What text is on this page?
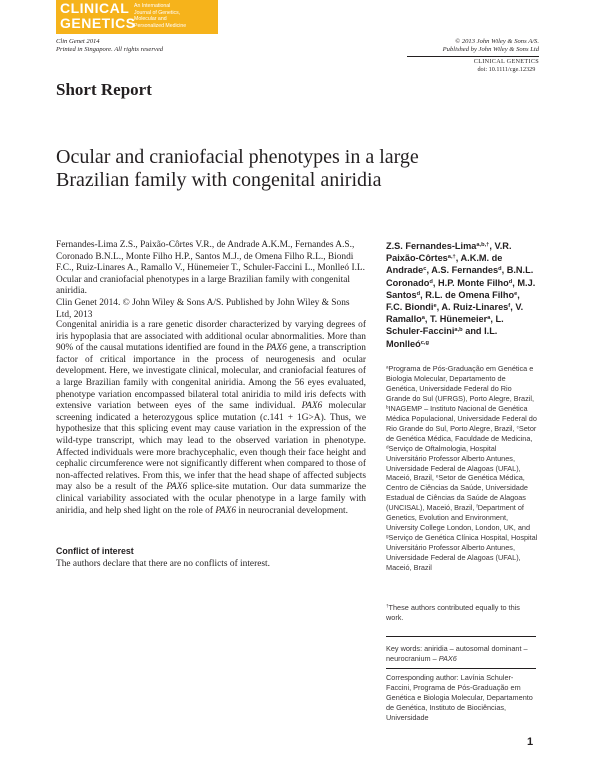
CLINICAL
GENETICS
An International
Journal of Genetics,
Molecular and
Personalized Medicine
Clin Genet 2014
Printed in Singapore. All rights reserved
© 2013 John Wiley & Sons A/S.
Published by John Wiley & Sons Ltd
CLINICAL GENETICS
doi: 10.1111/cge.12329
Short Report
Ocular and craniofacial phenotypes in a large
Brazilian family with congenital aniridia
Fernandes-Lima Z.S., Paixão-Côrtes V.R., de Andrade A.K.M., Fernandes A.S., Coronado B.N.L., Monte Filho H.P., Santos M.J., de Omena Filho R.L., Biondi F.C., Ruiz-Linares A., Ramallo V., Hünemeier T., Schuler-Faccini L., Monlleó I.L. Ocular and craniofacial phenotypes in a large Brazilian family with congenital aniridia.
Clin Genet 2014. © John Wiley & Sons A/S. Published by John Wiley & Sons Ltd, 2013
Congenital aniridia is a rare genetic disorder characterized by varying degrees of iris hypoplasia that are associated with additional ocular abnormalities. More than 90% of the causal mutations identified are found in the PAX6 gene, a transcription factor of critical importance in the process of neurogenesis and ocular development. Here, we investigate clinical, molecular, and craniofacial features of a large Brazilian family with congenital aniridia. Among the 56 eyes evaluated, phenotype variation encompassed bilateral total aniridia to mild iris defects with extensive variation between eyes of the same individual. PAX6 molecular screening indicated a heterozygous splice mutation (c.141 + 1G>A). Thus, we hypothesize that this splicing event may cause variation in the expression of the wild-type transcript, which may lead to the observed variation in phenotype. Affected individuals were more brachycephalic, even though their face height and cephalic circumference were not significantly different when compared to those of non-affected relatives. From this, we infer that the head shape of affected subjects may also be a result of the PAX6 splice-site mutation. Our data summarize the clinical variability associated with the ocular phenotype in a large family with aniridia, and help shed light on the role of PAX6 in neurocranial development.
Conflict of interest
The authors declare that there are no conflicts of interest.
Z.S. Fernandes-Lima$^{a,b,\dagger}$, V.R. Paixão-Côrtes$^{a,\dagger}$, A.K.M. de Andrade$^c$, A.S. Fernandes$^d$, B.N.L. Coronado$^d$, H.P. Monte Filho$^d$, M.J. Santos$^d$, R.L. de Omena Filho$^e$, F.C. Biondi$^e$, A. Ruiz-Linares$^f$, V. Ramallo$^a$, T. Hünemeier$^a$, L. Schuler-Faccini$^{a,b}$ and I.L. Monlleó$^{c,g}$
$^a$Programa de Pós-Graduação em Genética e Biologia Molecular, Departamento de Genética, Universidade Federal do Rio Grande do Sul (UFRGS), Porto Alegre, Brazil, $^b$INAGEMP – Instituto Nacional de Genética Médica Populacional, Universidade Federal do Rio Grande do Sul, Porto Alegre, Brazil, $^c$Setor de Genética Médica, Faculdade de Medicina, $^d$Serviço de Oftalmologia, Hospital Universitário Professor Alberto Antunes, Universidade Federal de Alagoas (UFAL), Maceió, Brazil, $^e$Setor de Genética Médica, Centro de Ciências da Saúde, Universidade Estadual de Ciências da Saúde de Alagoas (UNCISAL), Maceió, Brazil, $^f$Department of Genetics, Evolution and Environment, University College London, London, UK, and $^g$Serviço de Genética Clínica Hospital, Hospital Universitário Professor Alberto Antunes, Universidade Federal de Alagoas (UFAL), Maceió, Brazil
†These authors contributed equally to this work.
Key words: aniridia – autosomal dominant – neurocranium – PAX6
Corresponding author: Lavínia Schuler-Faccini, Programa de Pós-Graduação em Genética e Biologia Molecular, Departamento de Genética, Instituto de Biociências, Universidade
1
